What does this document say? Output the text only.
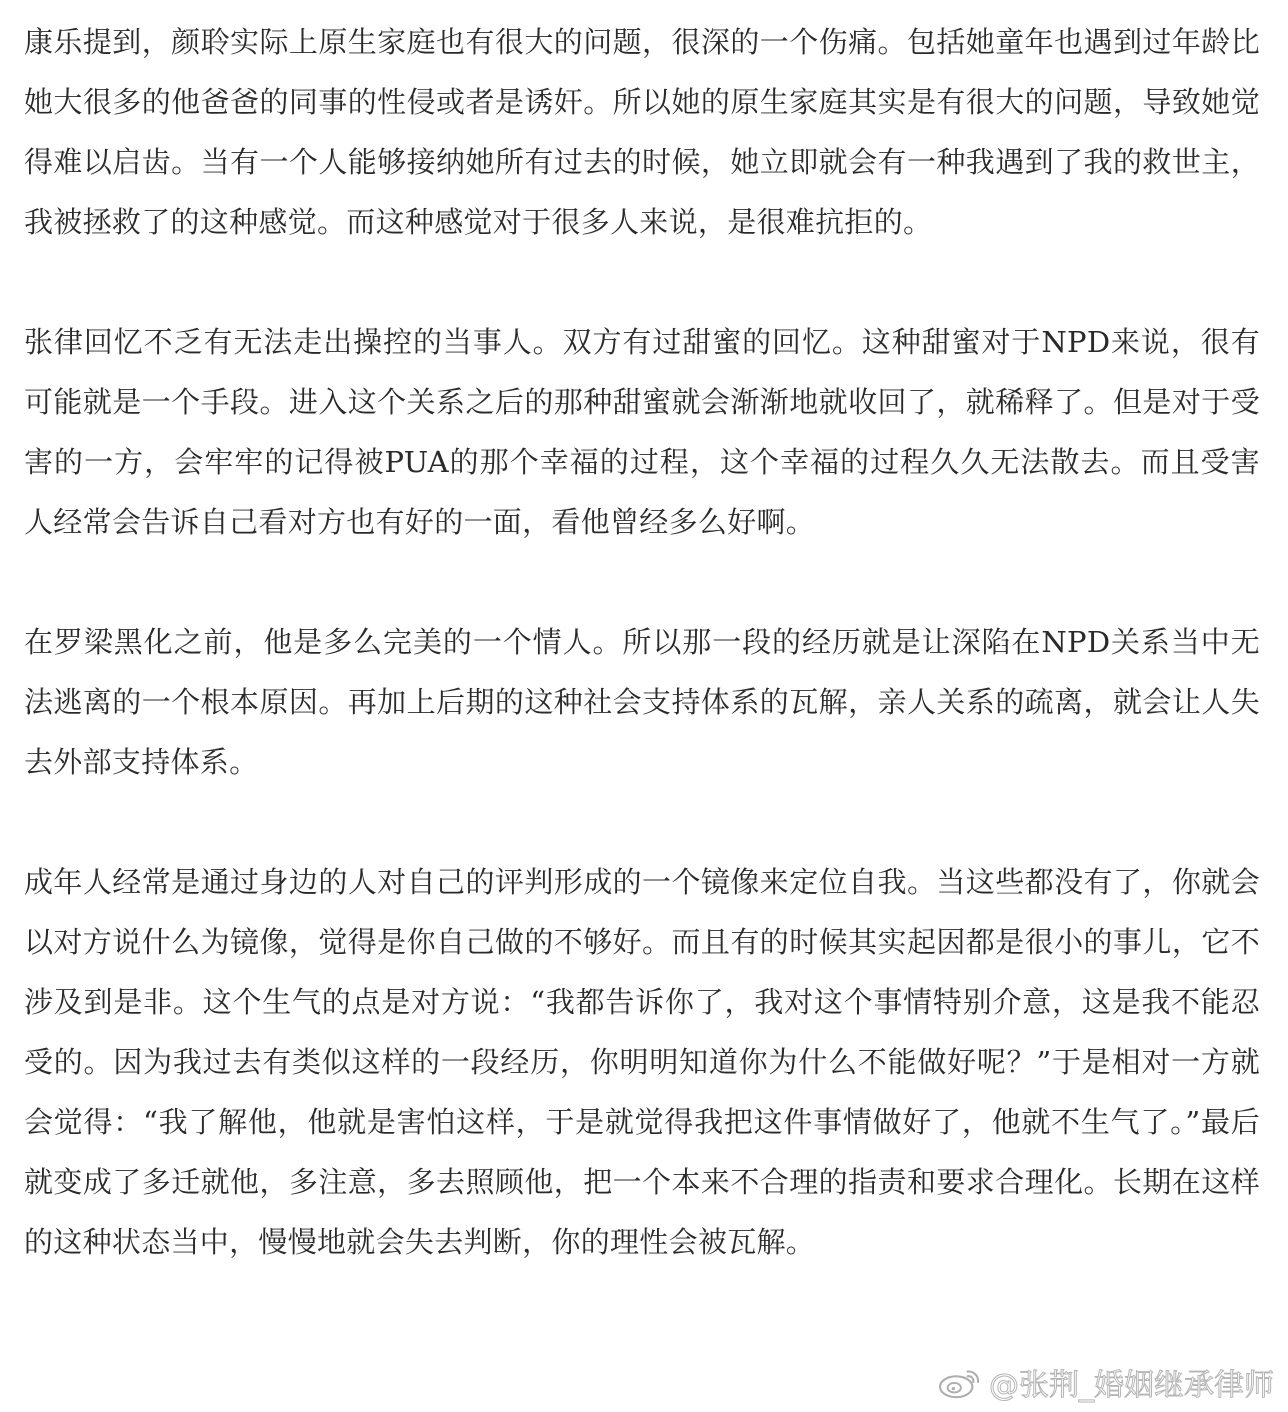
康乐提到，颜聆实际上原生家庭也有很大的问题，很深的一个伤痛。包括她童年也遇到过年龄比她大很多的他爸爸的同事的性侵或者是诱奸。所以她的原生家庭其实是有很大的问题，导致她觉得难以启齿。当有一个人能够接纳她所有过去的时候，她立即就会有一种我遇到了我的救世主，我被拯救了的这种感觉。而这种感觉对于很多人来说，是很难抗拒的。

张律回忆不乏有无法走出操控的当事人。双方有过甜蜜的回忆。这种甜蜜对于NPD来说，很有可能就是一个手段。进入这个关系之后的那种甜蜜就会渐渐地就收回了，就稀释了。但是对于受害的一方，会牢牢的记得被PUA的那个幸福的过程，这个幸福的过程久久无法散去。而且受害人经常会告诉自己看对方也有好的一面，看他曾经多么好啊。

在罗梁黑化之前，他是多么完美的一个情人。所以那一段的经历就是让深陷在NPD关系当中无法逃离的一个根本原因。再加上后期的这种社会支持体系的瓦解，亲人关系的疏离，就会让人失去外部支持体系。

成年人经常是通过身边的人对自己的评判形成的一个镜像来定位自我。当这些都没有了，你就会以对方说什么为镜像，觉得是你自己做的不够好。而且有的时候其实起因都是很小的事儿，它不涉及到是非。这个生气的点是对方说：“我都告诉你了，我对这个事情特别介意，这是我不能忍受的。因为我过去有类似这样的一段经历，你明明知道你为什么不能做好呢？”于是相对一方就会觉得：“我了解他，他就是害怕这样，于是就觉得我把这件事情做好了，他就不生气了。”最后就变成了多迁就他，多注意，多去照顾他，把一个本来不合理的指责和要求合理化。长期在这样的这种状态当中，慢慢地就会失去判断，你的理性会被瓦解。

@张荆_婚姻继承律师
